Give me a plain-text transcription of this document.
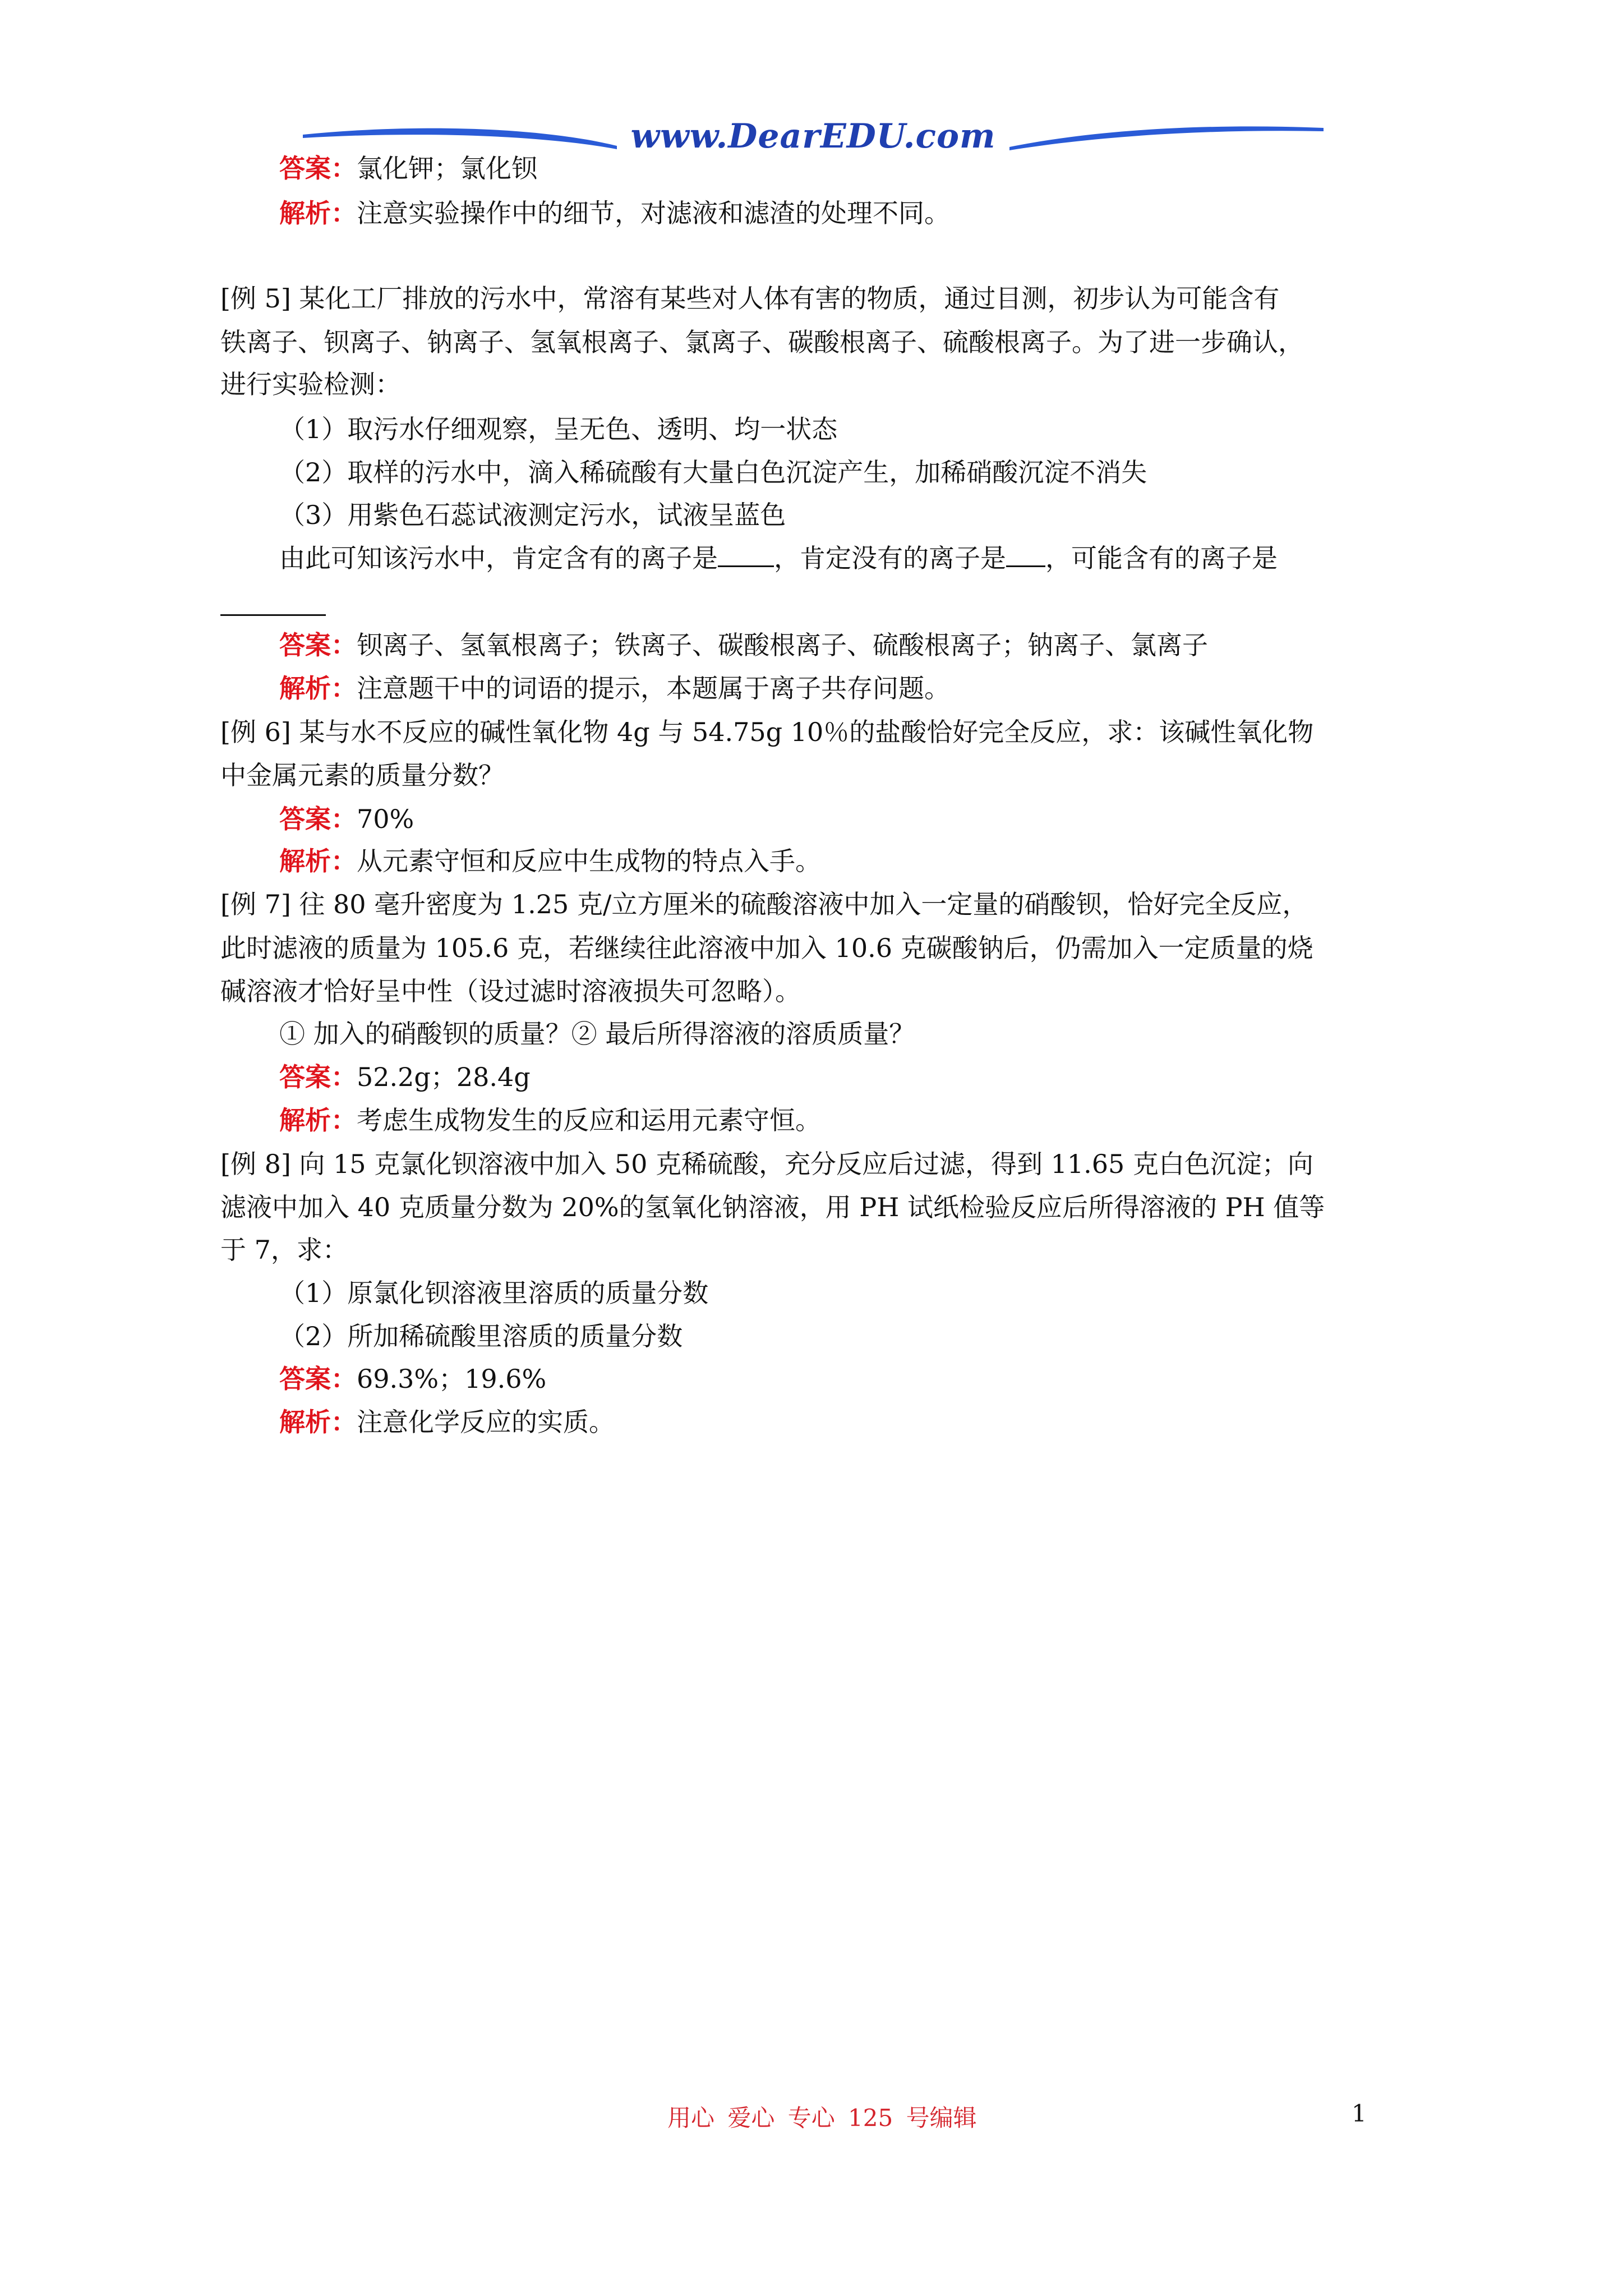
www.DearEDU.com
答案：氯化钾；氯化钡
解析：注意实验操作中的细节，对滤液和滤渣的处理不同。
[例 5] 某化工厂排放的污水中，常溶有某些对人体有害的物质，通过目测，初步认为可能含有
铁离子、钡离子、钠离子、氢氧根离子、氯离子、碳酸根离子、硫酸根离子。为了进一步确认，
进行实验检测：
（1）取污水仔细观察，呈无色、透明、均一状态
（2）取样的污水中，滴入稀硫酸有大量白色沉淀产生，加稀硝酸沉淀不消失
（3）用紫色石蕊试液测定污水，试液呈蓝色
由此可知该污水中，肯定含有的离子是 ，肯定没有的离子是 ，可能含有的离子是
答案：钡离子、氢氧根离子；铁离子、碳酸根离子、硫酸根离子；钠离子、氯离子
解析：注意题干中的词语的提示，本题属于离子共存问题。
[例 6] 某与水不反应的碱性氧化物 4g 与 54.75g 10％的盐酸恰好完全反应，求：该碱性氧化物
中金属元素的质量分数？
答案：70%
解析：从元素守恒和反应中生成物的特点入手。
[例 7] 往 80 毫升密度为 1.25 克/立方厘米的硫酸溶液中加入一定量的硝酸钡，恰好完全反应，
此时滤液的质量为 105.6 克，若继续往此溶液中加入 10.6 克碳酸钠后，仍需加入一定质量的烧
碱溶液才恰好呈中性（设过滤时溶液损失可忽略）。
① 加入的硝酸钡的质量？② 最后所得溶液的溶质质量？
答案：52.2g；28.4g
解析：考虑生成物发生的反应和运用元素守恒。
[例 8] 向 15 克氯化钡溶液中加入 50 克稀硫酸，充分反应后过滤，得到 11.65 克白色沉淀；向
滤液中加入 40 克质量分数为 20%的氢氧化钠溶液，用 PH 试纸检验反应后所得溶液的 PH 值等
于 7，求：
（1）原氯化钡溶液里溶质的质量分数
（2）所加稀硫酸里溶质的质量分数
答案：69.3%；19.6%
解析：注意化学反应的实质。
用心 爱心 专心 125 号编辑	1
